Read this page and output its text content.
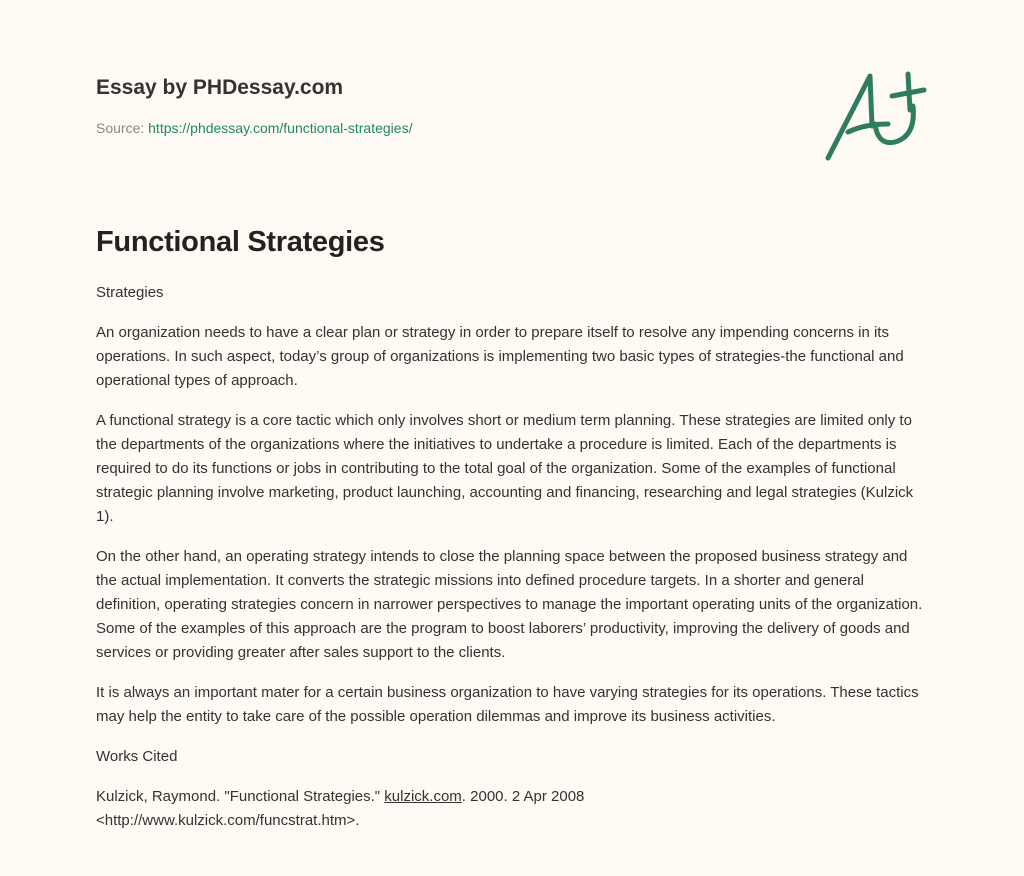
Essay by PHDessay.com
Source: https://phdessay.com/functional-strategies/
Functional Strategies

Strategies

An organization needs to have a clear plan or strategy in order to prepare itself to resolve any impending concerns in its operations. In such aspect, today’s group of organizations is implementing two basic types of strategies-the functional and operational types of approach.

A functional strategy is a core tactic which only involves short or medium term planning. These strategies are limited only to the departments of the organizations where the initiatives to undertake a procedure is limited. Each of the departments is required to do its functions or jobs in contributing to the total goal of the organization. Some of the examples of functional strategic planning involve marketing, product launching, accounting and financing, researching and legal strategies (Kulzick 1).

On the other hand, an operating strategy intends to close the planning space between the proposed business strategy and the actual implementation. It converts the strategic missions into defined procedure targets. In a shorter and general definition, operating strategies concern in narrower perspectives to manage the important operating units of the organization. Some of the examples of this approach are the program to boost laborers’ productivity, improving the delivery of goods and services or providing greater after sales support to the clients.

It is always an important mater for a certain business organization to have varying strategies for its operations. These tactics may help the entity to take care of the possible operation dilemmas and improve its business activities.

Works Cited

Kulzick, Raymond. "Functional Strategies." kulzick.com. 2000. 2 Apr 2008
<http://www.kulzick.com/funcstrat.htm>.
